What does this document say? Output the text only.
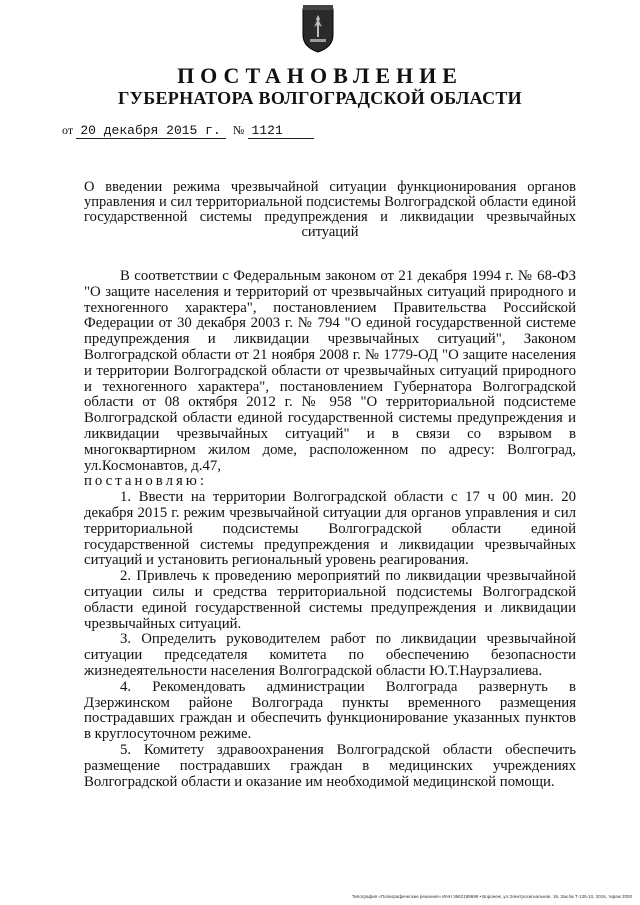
ПОСТАНОВЛЕНИЕ
ГУБЕРНАТОРА ВОЛГОГРАДСКОЙ ОБЛАСТИ
от 20 декабря 2015 г. № 1121
О введении режима чрезвычайной ситуации функционирования органов управления и сил территориальной подсистемы Волгоградской области единой государственной системы предупреждения и ликвидации чрезвычайных ситуаций

В соответствии с Федеральным законом от 21 декабря 1994 г. № 68-ФЗ "О защите населения и территорий от чрезвычайных ситуаций природного и техногенного характера", постановлением Правительства Российской Федерации от 30 декабря 2003 г. № 794 "О единой государственной системе предупреждения и ликвидации чрезвычайных ситуаций", Законом Волгоградской области от 21 ноября 2008 г. № 1779-ОД "О защите населения и территории Волгоградской области от чрезвычайных ситуаций природного и техногенного характера", постановлением Губернатора Волгоградской области от 08 октября 2012 г. № 958 "О территориальной подсистеме Волгоградской области единой государственной системы предупреждения и ликвидации чрезвычайных ситуаций" и в связи со взрывом в многоквартирном жилом доме, расположенном по адресу: Волгоград, ул.Космонавтов, д.47,

постановляю:

1. Ввести на территории Волгоградской области с 17 ч 00 мин. 20 декабря 2015 г. режим чрезвычайной ситуации для органов управления и сил территориальной подсистемы Волгоградской области единой государственной системы предупреждения и ликвидации чрезвычайных ситуаций и установить региональный уровень реагирования.

2. Привлечь к проведению мероприятий по ликвидации чрезвычайной ситуации силы и средства территориальной подсистемы Волгоградской области единой государственной системы предупреждения и ликвидации чрезвычайных ситуаций.

3. Определить руководителем работ по ликвидации чрезвычайной ситуации председателя комитета по обеспечению безопасности жизнедеятельности населения Волгоградской области Ю.Т.Наурзалиева.

4. Рекомендовать администрации Волгограда развернуть в Дзержинском районе Волгограда пункты временного размещения пострадавших граждан и обеспечить функционирование указанных пунктов в круглосуточном режиме.

5. Комитету здравоохранения Волгоградской области обеспечить размещение пострадавших граждан в медицинских учреждениях Волгоградской области и оказание им необходимой медицинской помощи.

Типография «Полиграфические решения» ИНН 3662198698 • Воронеж, ул.Электросигнальная, 19, Зак.№ Т-135-10, 2016, тираж 2000
